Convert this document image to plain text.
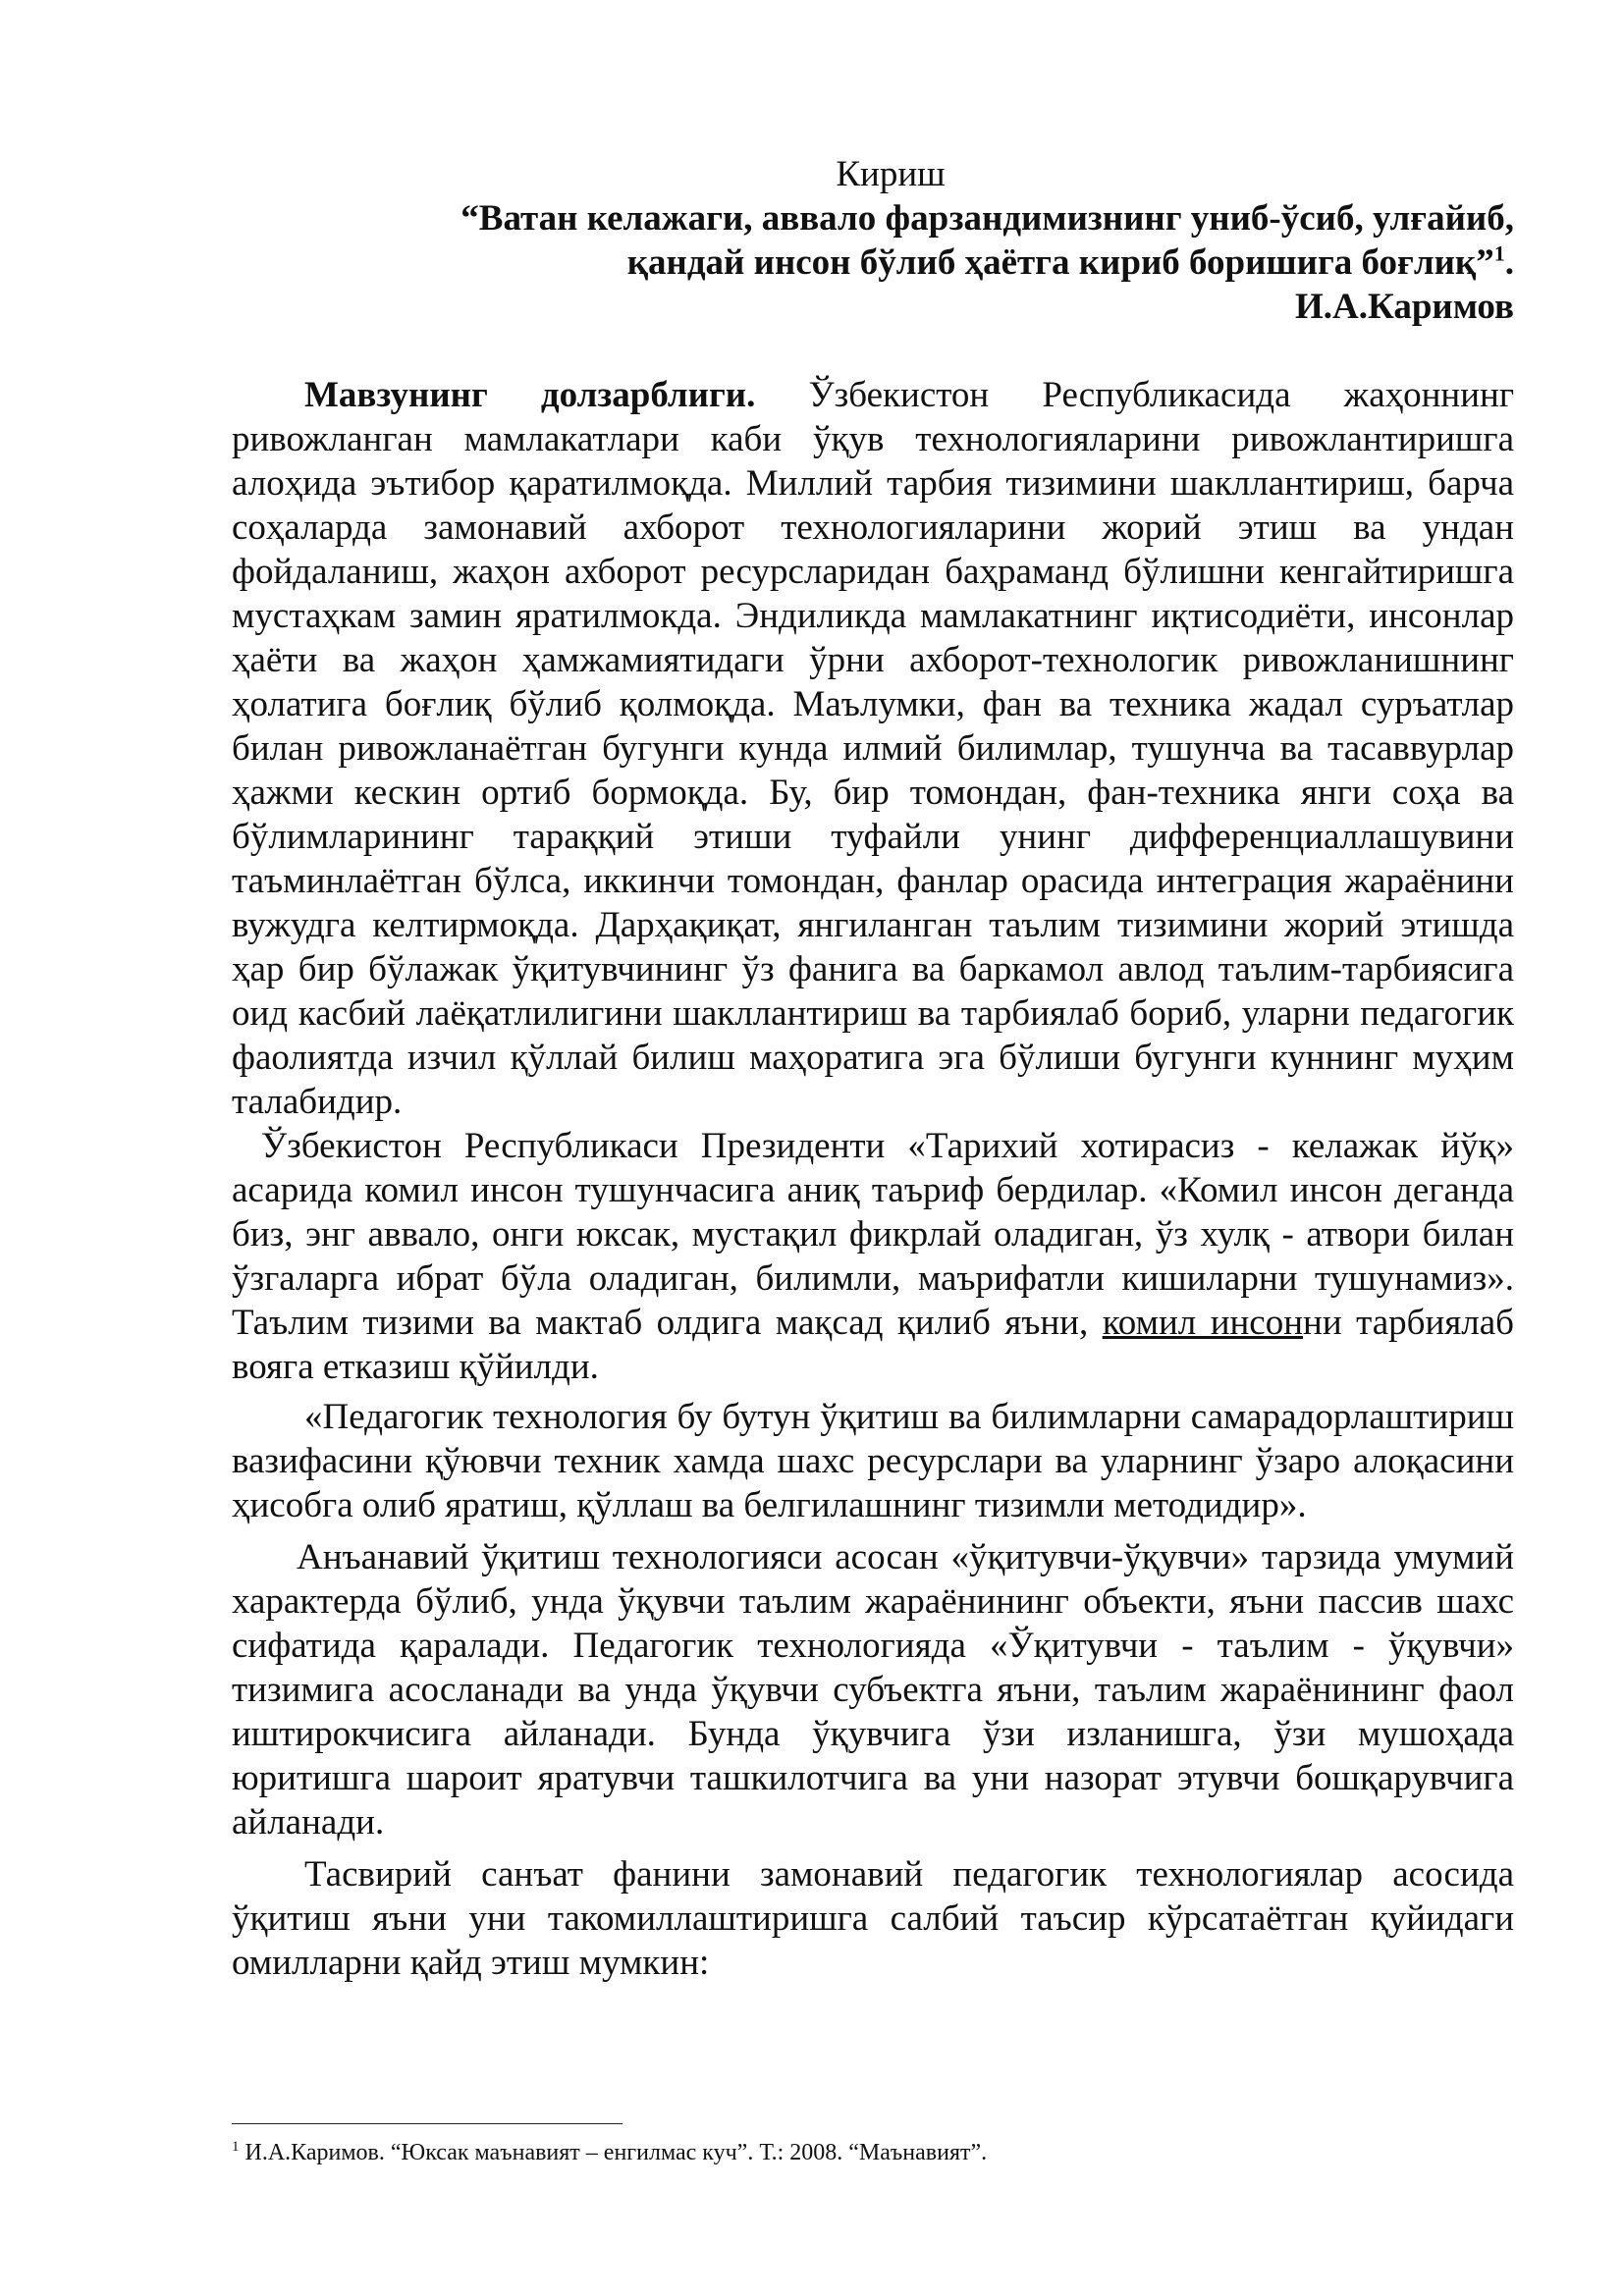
Кириш
“Ватан келажаги, аввало фарзандимизнинг униб-ўсиб, улғайиб,
қандай инсон бўлиб ҳаётга кириб боришига боғлиқ”$^1$.
И.А.Каримов

Мавзунинг долзарблиги. Ўзбекистон Республикасида жаҳоннинг ривожланган мамлакатлари каби ўқув технологияларини ривожлантиришга алоҳида эътибор қаратилмоқда. Миллий тарбия тизимини шакллантириш, барча соҳаларда замонавий ахборот технологияларини жорий этиш ва ундан фойдаланиш, жаҳон ахборот ресурсларидан баҳраманд бўлишни кенгайтиришга мустаҳкам замин яратилмокда. Эндиликда мамлакатнинг иқтисодиёти, инсонлар ҳаёти ва жаҳон ҳамжамиятидаги ўрни ахборот-технологик ривожланишнинг ҳолатига боғлиқ бўлиб қолмоқда. Маълумки, фан ва техника жадал суръатлар билан ривожланаётган бугунги кунда илмий билимлар, тушунча ва тасаввурлар ҳажми кескин ортиб бормоқда. Бу, бир томондан, фан-техника янги соҳа ва бўлимларининг тараққий этиши туфайли унинг дифференциаллашувини таъминлаётган бўлса, иккинчи томондан, фанлар орасида интеграция жараёнини вужудга келтирмоқда. Дарҳақиқат, янгиланган таълим тизимини жорий этишда ҳар бир бўлажак ўқитувчининг ўз фанига ва баркамол авлод таълим-тарбиясига оид касбий лаёқатлилигини шакллантириш ва тарбиялаб бориб, уларни педагогик фаолиятда изчил қўллай билиш маҳоратига эга бўлиши бугунги куннинг муҳим талабидир.

Ўзбекистон Республикаси Президенти «Тарихий хотирасиз - келажак йўқ» асарида комил инсон тушунчасига аниқ таъриф бердилар. «Комил инсон деганда биз, энг аввало, онги юксак, мустақил фикрлай оладиган, ўз хулқ - атвори билан ўзгаларга ибрат бўла оладиган, билимли, маърифатли кишиларни тушунамиз». Таълим тизими ва мактаб олдига мақсад қилиб яъни, комил инсонни тарбиялаб вояга етказиш қўйилди.

«Педагогик технология бу бутун ўқитиш ва билимларни самарадорлаштириш вазифасини қўювчи техник хамда шахс ресурслари ва уларнинг ўзаро алоқасини ҳисобга олиб яратиш, қўллаш ва белгилашнинг тизимли методидир».

Анъанавий ўқитиш технологияси асосан «ўқитувчи-ўқувчи» тарзида умумий характерда бўлиб, унда ўқувчи таълим жараёнининг объекти, яъни пассив шахс сифатида қаралади. Педагогик технологияда «Ўқитувчи - таълим - ўқувчи» тизимига асосланади ва унда ўқувчи субъектга яъни, таълим жараёнининг фаол иштирокчисига айланади. Бунда ўқувчига ўзи изланишга, ўзи мушоҳада юритишга шароит яратувчи ташкилотчига ва уни назорат этувчи бошқарувчига айланади.

Тасвирий санъат фанини замонавий педагогик технологиялар асосида ўқитиш яъни уни такомиллаштиришга салбий таъсир кўрсатаётган қуйидаги омилларни қайд этиш мумкин:

$^1$ И.А.Каримов. “Юксак маънавият – енгилмас куч”. Т.: 2008. “Маънавият”.
